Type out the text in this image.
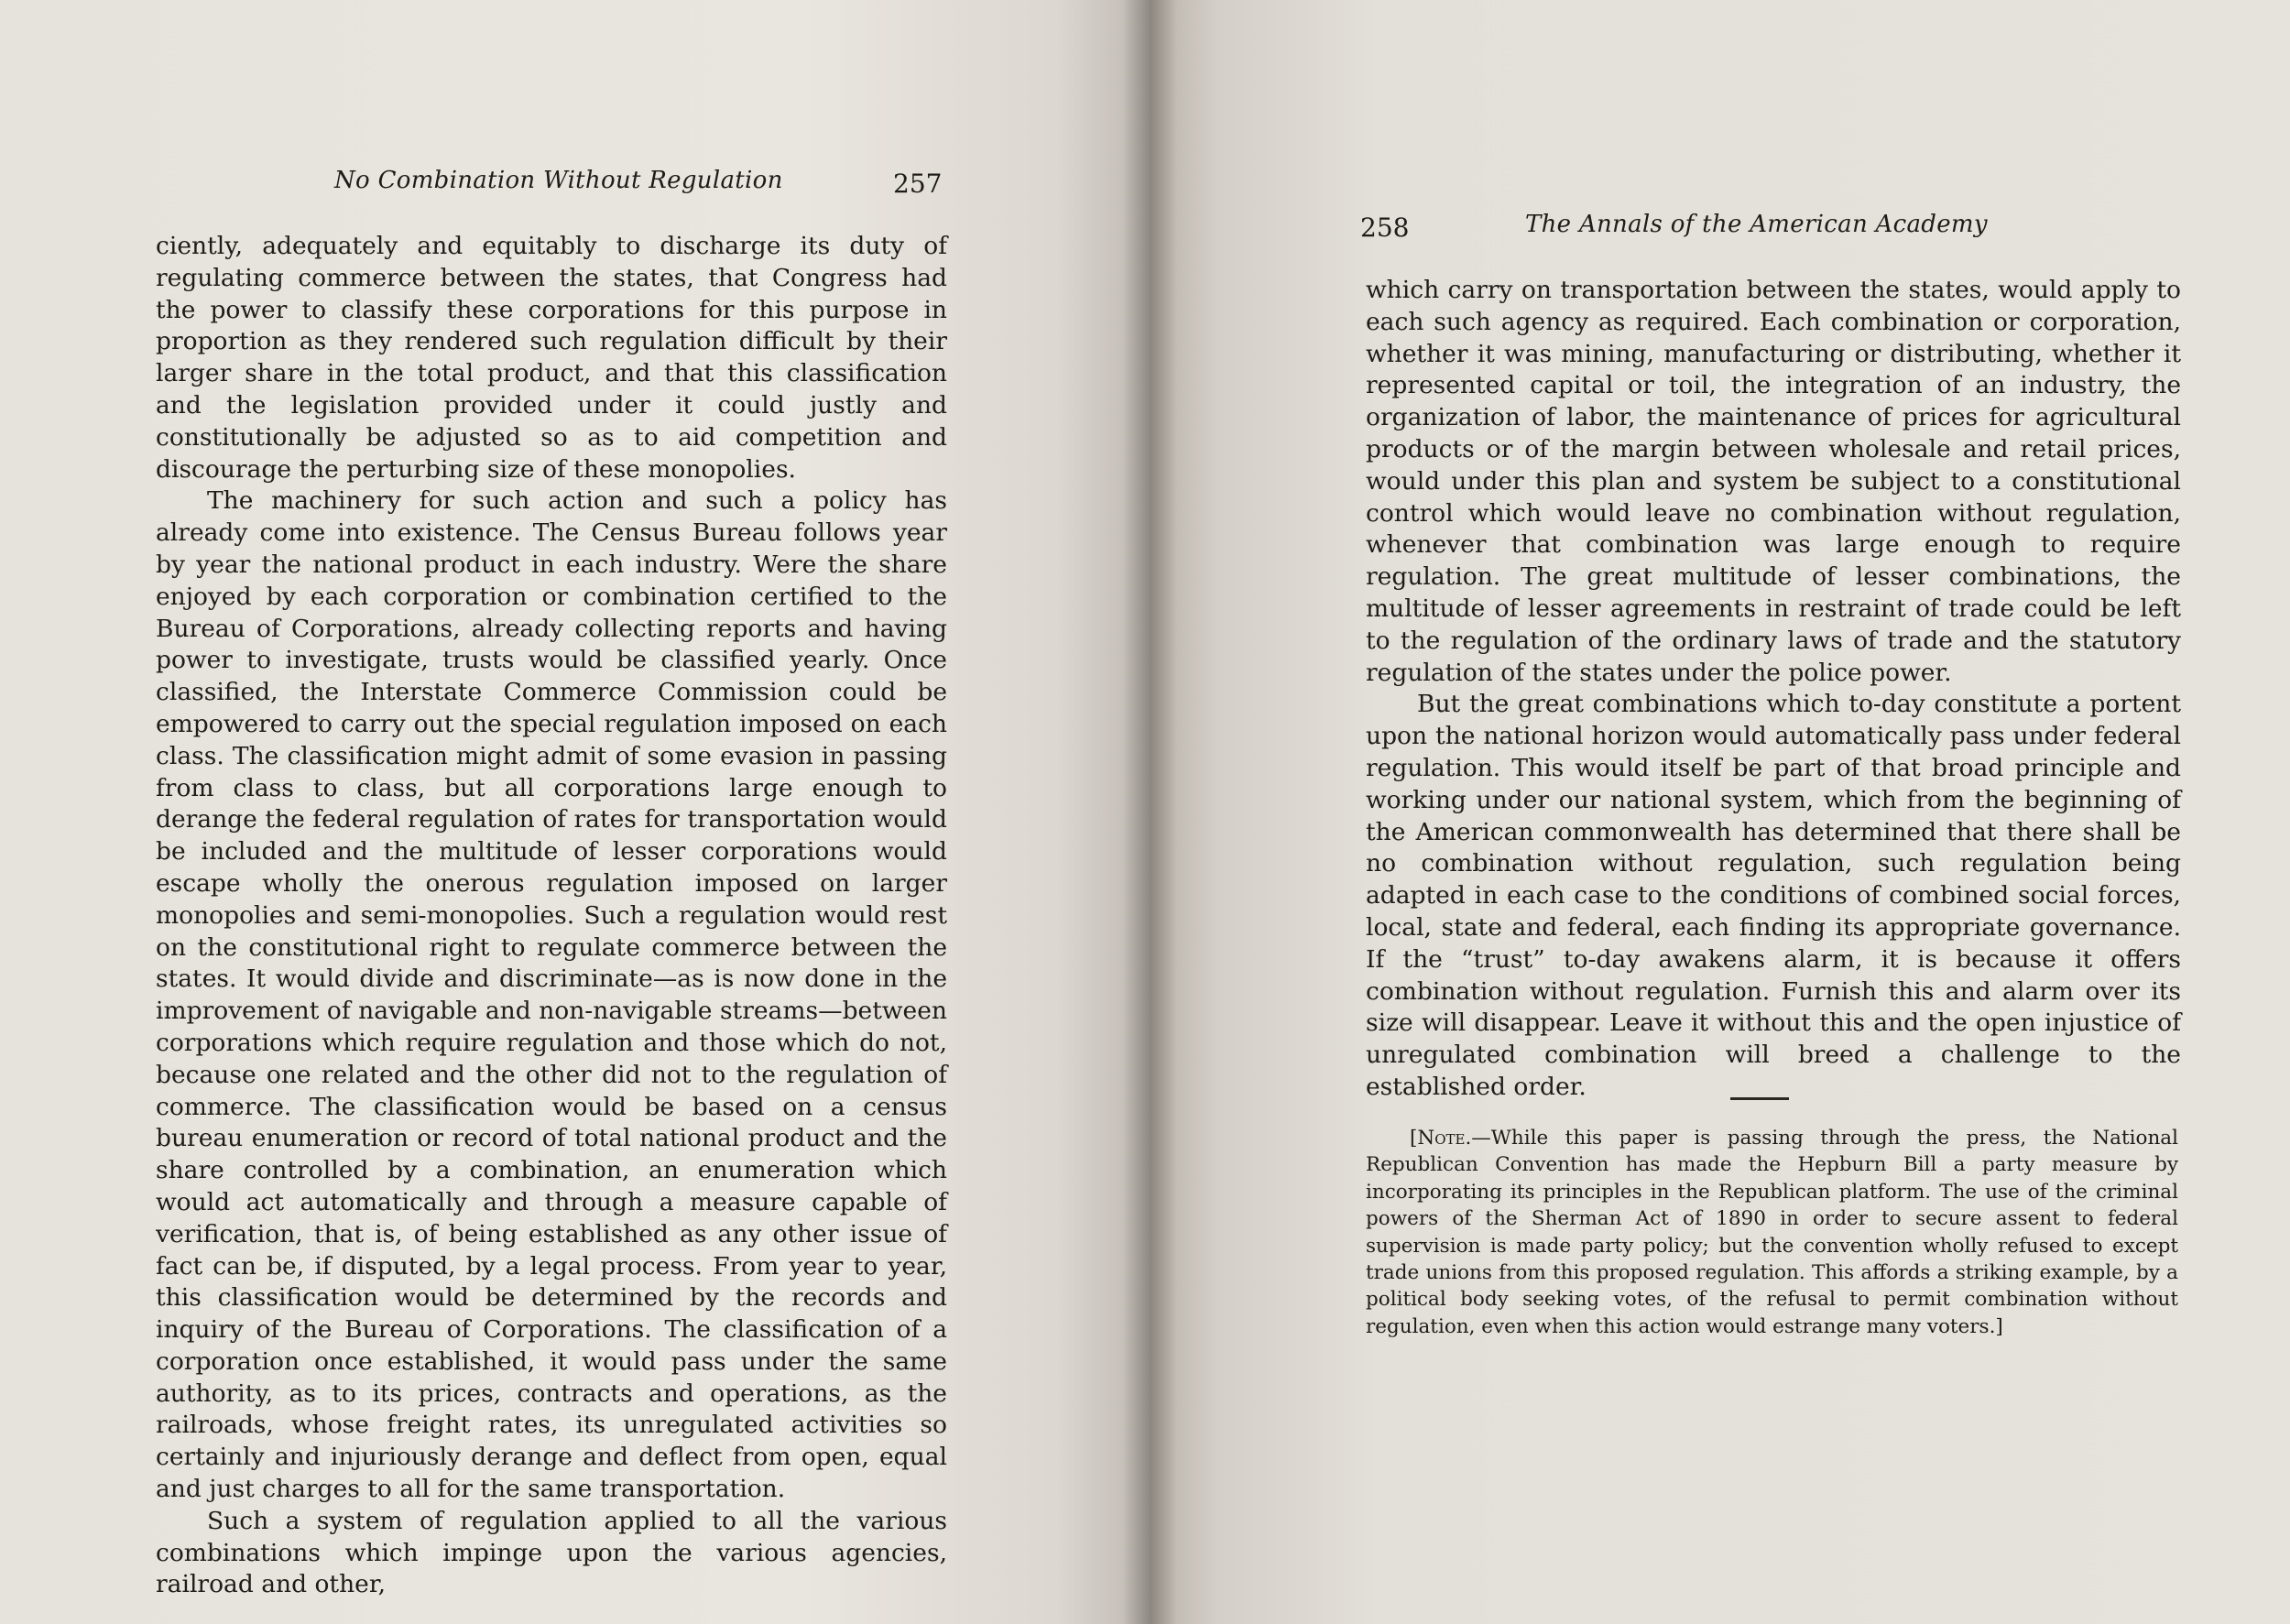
No Combination Without Regulation	257

ciently, adequately and equitably to discharge its duty of regulating commerce between the states, that Congress had the power to classify these corporations for this purpose in proportion as they rendered such regulation difficult by their larger share in the total product, and that this classification and the legislation provided under it could justly and constitutionally be adjusted so as to aid competition and discourage the perturbing size of these monopolies.

The machinery for such action and such a policy has already come into existence. The Census Bureau follows year by year the national product in each industry. Were the share enjoyed by each corporation or combination certified to the Bureau of Corporations, already collecting reports and having power to investigate, trusts would be classified yearly. Once classified, the Interstate Commerce Commission could be empowered to carry out the special regulation imposed on each class. The classification might admit of some evasion in passing from class to class, but all corporations large enough to derange the federal regulation of rates for transportation would be included and the multitude of lesser corporations would escape wholly the onerous regulation imposed on larger monopolies and semi-monopolies. Such a regulation would rest on the constitutional right to regulate commerce between the states. It would divide and discriminate—as is now done in the improvement of navigable and non-navigable streams—between corporations which require regulation and those which do not, because one related and the other did not to the regulation of commerce. The classification would be based on a census bureau enumeration or record of total national product and the share controlled by a combination, an enumeration which would act automatically and through a measure capable of verification, that is, of being established as any other issue of fact can be, if disputed, by a legal process. From year to year, this classification would be determined by the records and inquiry of the Bureau of Corporations. The classification of a corporation once established, it would pass under the same authority, as to its prices, contracts and operations, as the railroads, whose freight rates, its unregulated activities so certainly and injuriously derange and deflect from open, equal and just charges to all for the same transportation.

Such a system of regulation applied to all the various combinations which impinge upon the various agencies, railroad and other,

258	The Annals of the American Academy

which carry on transportation between the states, would apply to each such agency as required. Each combination or corporation, whether it was mining, manufacturing or distributing, whether it represented capital or toil, the integration of an industry, the organization of labor, the maintenance of prices for agricultural products or of the margin between wholesale and retail prices, would under this plan and system be subject to a constitutional control which would leave no combination without regulation, whenever that combination was large enough to require regulation. The great multitude of lesser combinations, the multitude of lesser agreements in restraint of trade could be left to the regulation of the ordinary laws of trade and the statutory regulation of the states under the police power.

But the great combinations which to-day constitute a portent upon the national horizon would automatically pass under federal regulation. This would itself be part of that broad principle and working under our national system, which from the beginning of the American commonwealth has determined that there shall be no combination without regulation, such regulation being adapted in each case to the conditions of combined social forces, local, state and federal, each finding its appropriate governance. If the “trust” to-day awakens alarm, it is because it offers combination without regulation. Furnish this and alarm over its size will disappear. Leave it without this and the open injustice of unregulated combination will breed a challenge to the established order.

[Note.—While this paper is passing through the press, the National Republican Convention has made the Hepburn Bill a party measure by incorporating its principles in the Republican platform. The use of the criminal powers of the Sherman Act of 1890 in order to secure assent to federal supervision is made party policy; but the convention wholly refused to except trade unions from this proposed regulation. This affords a striking example, by a political body seeking votes, of the refusal to permit combination without regulation, even when this action would estrange many voters.]
